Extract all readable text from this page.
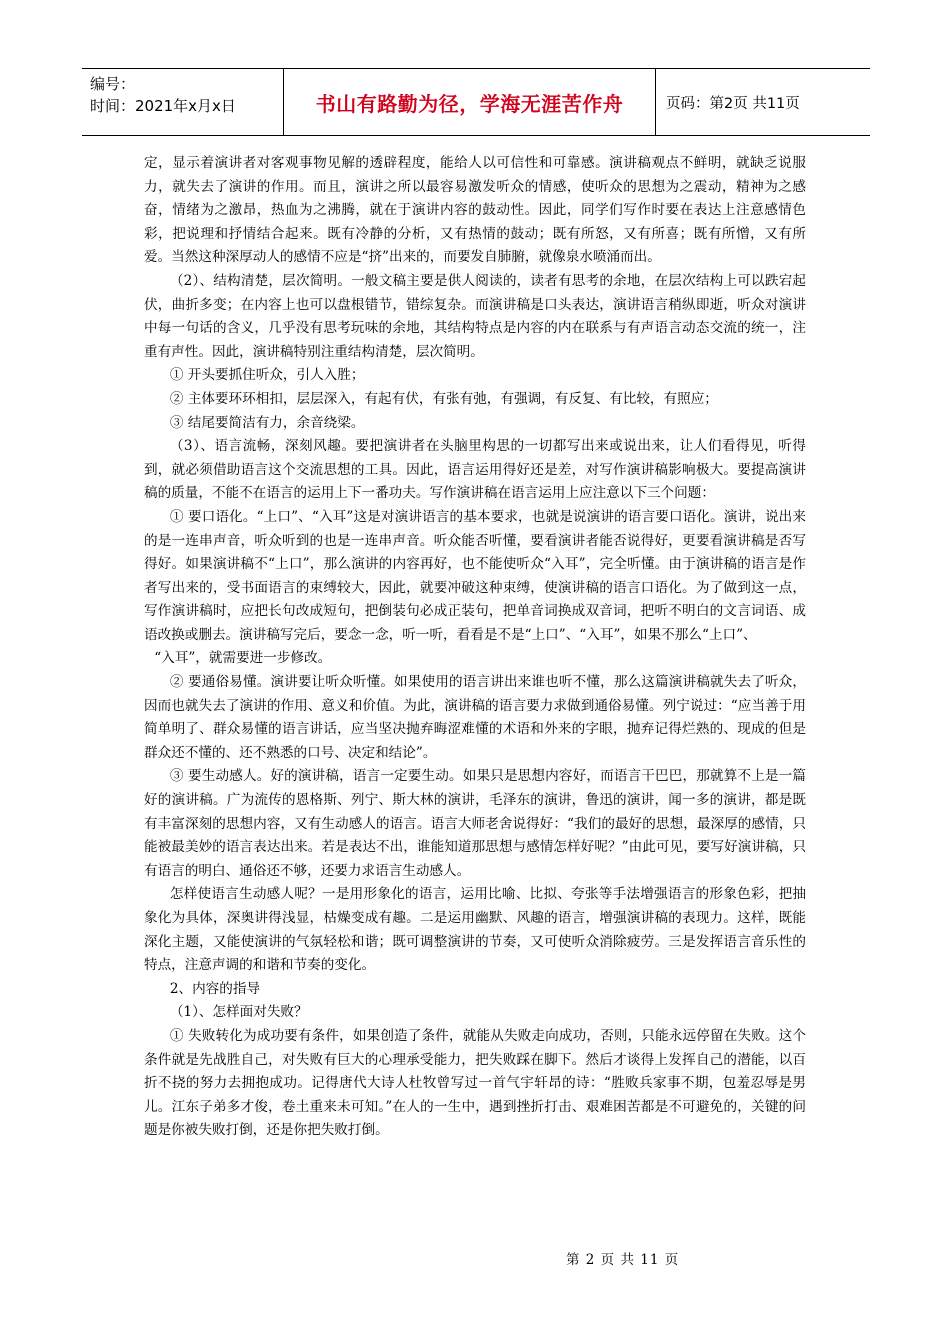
编号：
时间：2021年x月x日	书山有路勤为径，学海无涯苦作舟	页码：第2页 共11页

定，显示着演讲者对客观事物见解的透辟程度，能给人以可信性和可靠感。演讲稿观点不鲜明，就缺乏说服力，就失去了演讲的作用。而且，演讲之所以最容易激发听众的情感，使听众的思想为之震动，精神为之感奋，情绪为之激昂，热血为之沸腾，就在于演讲内容的鼓动性。因此，同学们写作时要在表达上注意感情色彩，把说理和抒情结合起来。既有冷静的分析，又有热情的鼓动；既有所怒，又有所喜；既有所憎，又有所爱。当然这种深厚动人的感情不应是“挤”出来的，而要发自肺腑，就像泉水喷涌而出。

（2）、结构清楚，层次简明。一般文稿主要是供人阅读的，读者有思考的余地，在层次结构上可以跌宕起伏，曲折多变；在内容上也可以盘根错节，错综复杂。而演讲稿是口头表达，演讲语言稍纵即逝，听众对演讲中每一句话的含义，几乎没有思考玩味的余地，其结构特点是内容的内在联系与有声语言动态交流的统一，注重有声性。因此，演讲稿特别注重结构清楚，层次简明。

① 开头要抓住听众，引人入胜；

② 主体要环环相扣，层层深入，有起有伏，有张有弛，有强调，有反复、有比较，有照应；

③ 结尾要简洁有力，余音绕梁。

（3）、语言流畅，深刻风趣。要把演讲者在头脑里构思的一切都写出来或说出来，让人们看得见，听得到，就必须借助语言这个交流思想的工具。因此，语言运用得好还是差，对写作演讲稿影响极大。要提高演讲稿的质量，不能不在语言的运用上下一番功夫。写作演讲稿在语言运用上应注意以下三个问题：

① 要口语化。“上口”、“入耳”这是对演讲语言的基本要求，也就是说演讲的语言要口语化。演讲，说出来的是一连串声音，听众听到的也是一连串声音。听众能否听懂，要看演讲者能否说得好，更要看演讲稿是否写得好。如果演讲稿不“上口”，那么演讲的内容再好，也不能使听众“入耳”，完全听懂。由于演讲稿的语言是作者写出来的，受书面语言的束缚较大，因此，就要冲破这种束缚，使演讲稿的语言口语化。为了做到这一点，写作演讲稿时，应把长句改成短句，把倒装句必成正装句，把单音词换成双音词，把听不明白的文言词语、成语改换或删去。演讲稿写完后，要念一念，听一听，看看是不是“上口”、“入耳”，如果不那么“上口”、

“入耳”，就需要进一步修改。

② 要通俗易懂。演讲要让听众听懂。如果使用的语言讲出来谁也听不懂，那么这篇演讲稿就失去了听众，因而也就失去了演讲的作用、意义和价值。为此，演讲稿的语言要力求做到通俗易懂。列宁说过：“应当善于用简单明了、群众易懂的语言讲话，应当坚决抛弃晦涩难懂的术语和外来的字眼，抛弃记得烂熟的、现成的但是群众还不懂的、还不熟悉的口号、决定和结论”。

③ 要生动感人。好的演讲稿，语言一定要生动。如果只是思想内容好，而语言干巴巴，那就算不上是一篇好的演讲稿。广为流传的恩格斯、列宁、斯大林的演讲，毛泽东的演讲，鲁迅的演讲，闻一多的演讲，都是既有丰富深刻的思想内容，又有生动感人的语言。语言大师老舍说得好：“我们的最好的思想，最深厚的感情，只能被最美妙的语言表达出来。若是表达不出，谁能知道那思想与感情怎样好呢？”由此可见，要写好演讲稿，只有语言的明白、通俗还不够，还要力求语言生动感人。

怎样使语言生动感人呢？一是用形象化的语言，运用比喻、比拟、夸张等手法增强语言的形象色彩，把抽象化为具体，深奥讲得浅显，枯燥变成有趣。二是运用幽默、风趣的语言，增强演讲稿的表现力。这样，既能深化主题，又能使演讲的气氛轻松和谐；既可调整演讲的节奏，又可使听众消除疲劳。三是发挥语言音乐性的特点，注意声调的和谐和节奏的变化。

2、内容的指导

（1）、怎样面对失败？

① 失败转化为成功要有条件，如果创造了条件，就能从失败走向成功，否则，只能永远停留在失败。这个条件就是先战胜自己，对失败有巨大的心理承受能力，把失败踩在脚下。然后才谈得上发挥自己的潜能，以百折不挠的努力去拥抱成功。记得唐代大诗人杜牧曾写过一首气宇轩昂的诗：“胜败兵家事不期，包羞忍辱是男儿。江东子弟多才俊，卷土重来未可知。”在人的一生中，遇到挫折打击、艰难困苦都是不可避免的，关键的问题是你被失败打倒，还是你把失败打倒。

第 2 页 共 11 页
